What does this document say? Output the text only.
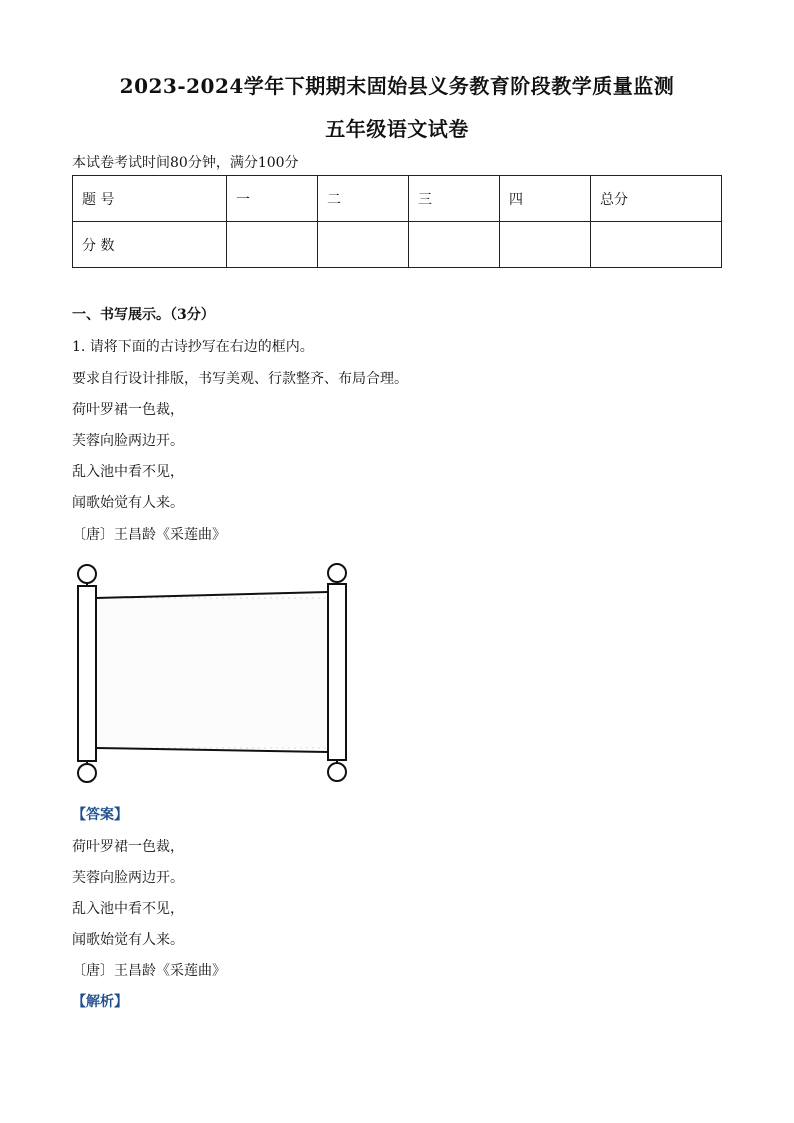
2023-2024学年下期期末固始县义务教育阶段教学质量监测
五年级语文试卷
本试卷考试时间80分钟，满分100分
题 号	一	二	三	四	总分
分 数					
一、书写展示。（3分）
1. 请将下面的古诗抄写在右边的框内。
要求自行设计排版，书写美观、行款整齐、布局合理。
荷叶罗裙一色裁，
芙蓉向脸两边开。
乱入池中看不见，
闻歌始觉有人来。
〔唐〕王昌龄《采莲曲》
【答案】
荷叶罗裙一色裁，
芙蓉向脸两边开。
乱入池中看不见，
闻歌始觉有人来。
〔唐〕王昌龄《采莲曲》
【解析】
